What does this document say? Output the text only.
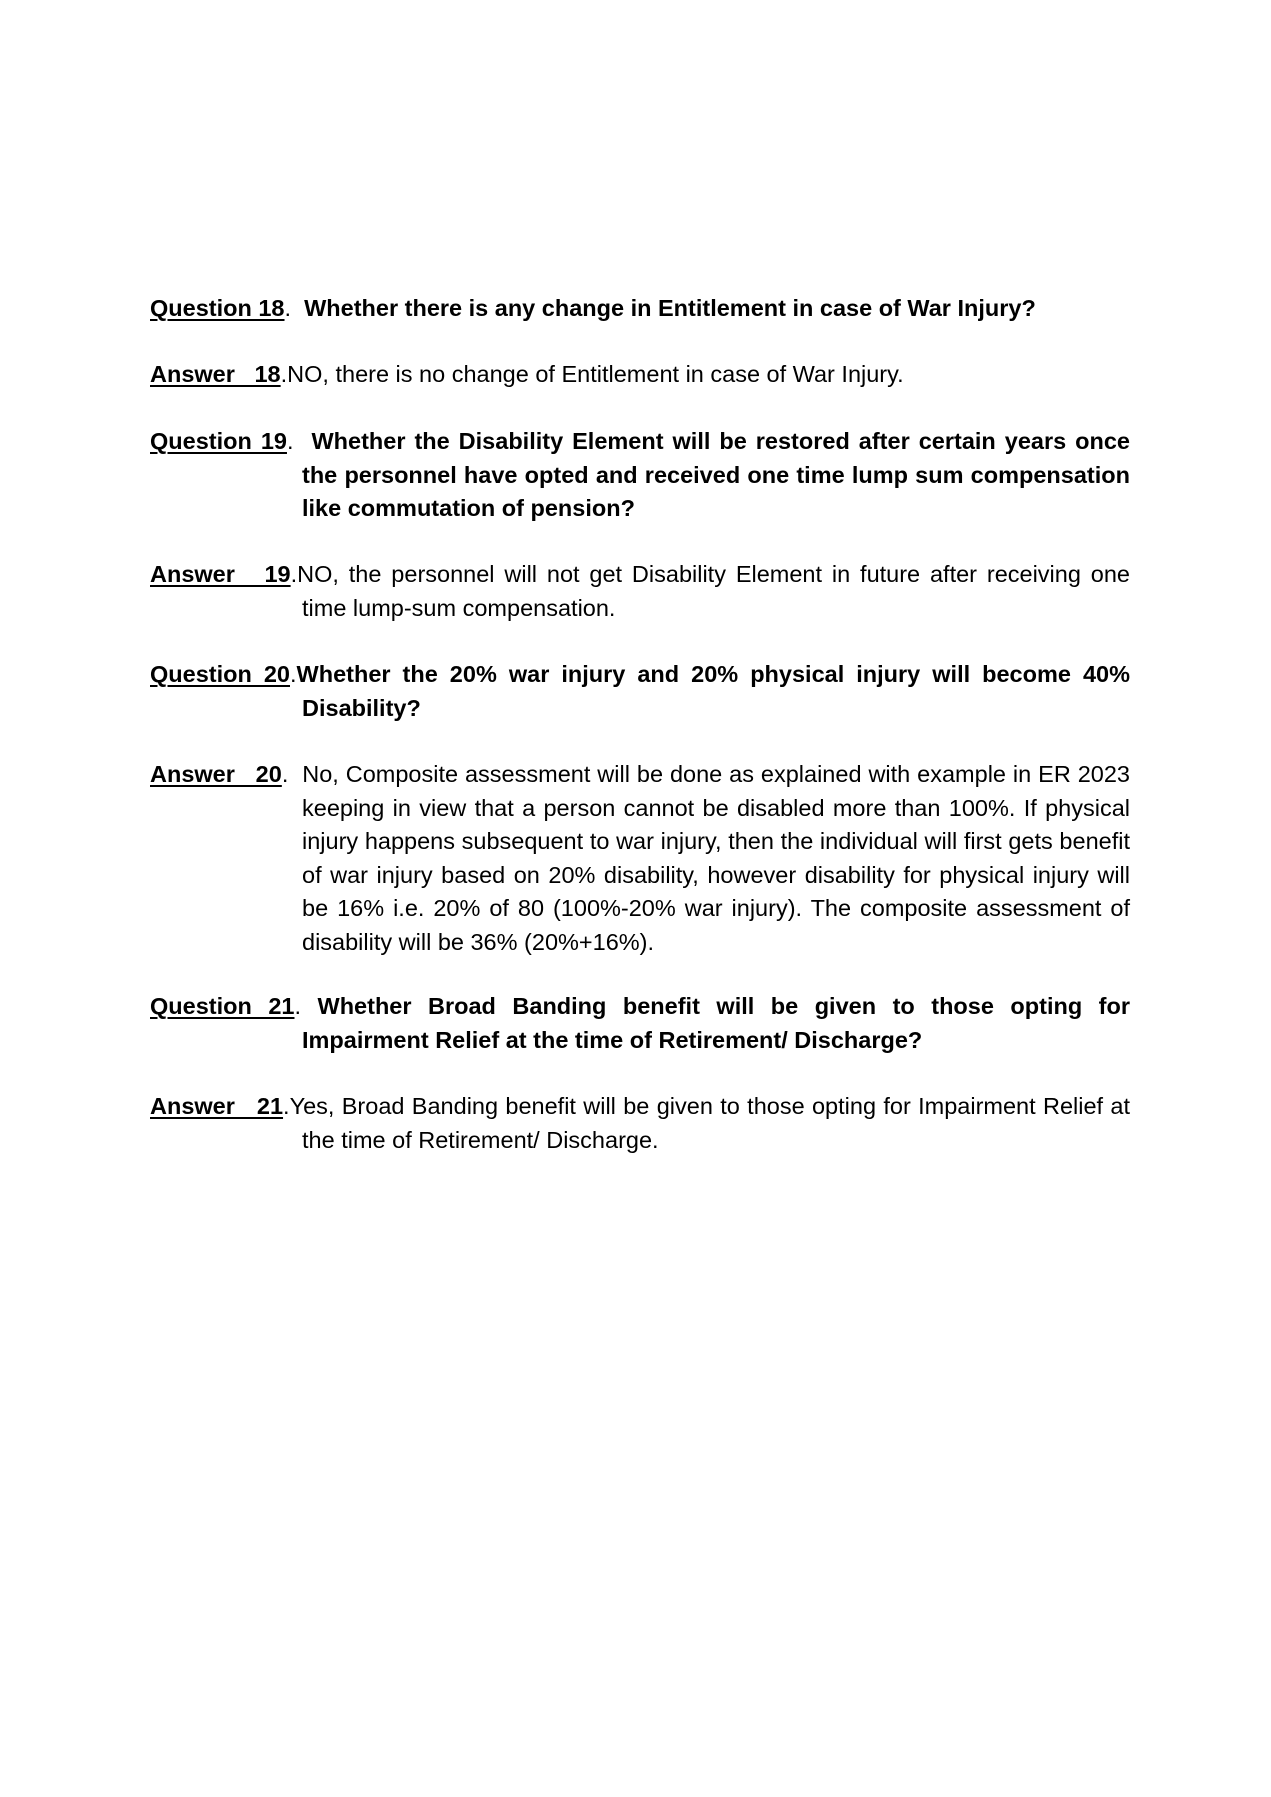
Question 18.  Whether there is any change in Entitlement in case of War Injury?
Answer   18.NO, there is no change of Entitlement in case of War Injury.
Question 19.  Whether the Disability Element will be restored after certain years once the personnel have opted and received one time lump sum compensation like commutation of pension?
Answer   19.NO, the personnel will not get Disability Element in future after receiving one time lump-sum compensation.
Question 20.Whether the 20% war injury and 20% physical injury will become 40% Disability?
Answer   20.  No, Composite assessment will be done as explained with example in ER 2023 keeping in view that a person cannot be disabled more than 100%. If physical injury happens subsequent to war injury, then the individual will first gets benefit of war injury based on 20% disability, however disability for physical injury will be 16% i.e. 20% of 80 (100%-20% war injury). The composite assessment of disability will be 36% (20%+16%).
Question 21. Whether Broad Banding benefit will be given to those opting for Impairment Relief at the time of Retirement/ Discharge?
Answer   21.Yes, Broad Banding benefit will be given to those opting for Impairment Relief at the time of Retirement/ Discharge.
